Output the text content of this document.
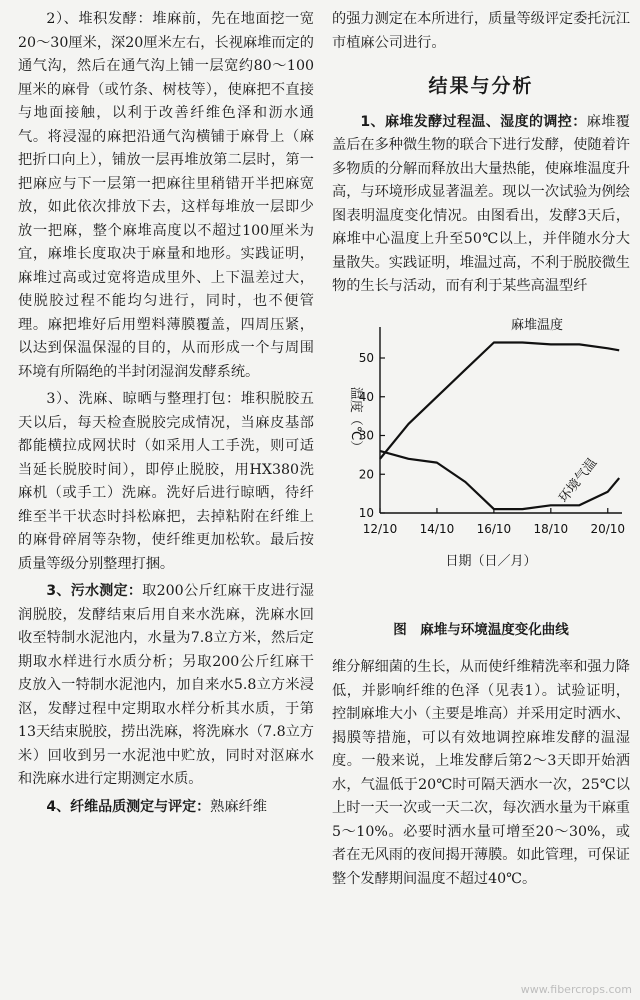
2）、堆积发酵：堆麻前，先在地面挖一宽20～30厘米，深20厘米左右，长视麻堆而定的通气沟，然后在通气沟上铺一层宽约80～100厘米的麻骨（或竹条、树枝等），使麻把不直接与地面接触，以利于改善纤维色泽和沥水通气。将浸湿的麻把沿通气沟横铺于麻骨上（麻把折口向上），铺放一层再堆放第二层时，第一把麻应与下一层第一把麻往里稍错开半把麻宽放，如此依次排放下去，这样每堆放一层即少放一把麻，整个麻堆高度以不超过100厘米为宜，麻堆长度取决于麻量和地形。实践证明，麻堆过高或过宽将造成里外、上下温差过大，使脱胶过程不能均匀进行，同时，也不便管理。麻把堆好后用塑料薄膜覆盖，四周压紧，以达到保温保湿的目的，从而形成一个与周围环境有所隔绝的半封闭湿润发酵系统。

3）、洗麻、晾晒与整理打包：堆积脱胶五天以后，每天检查脱胶完成情况，当麻皮基部都能横拉成网状时（如采用人工手洗，则可适当延长脱胶时间），即停止脱胶，用HX380洗麻机（或手工）洗麻。洗好后进行晾晒，待纤维至半干状态时抖松麻把，去掉粘附在纤维上的麻骨碎屑等杂物，使纤维更加松软。最后按质量等级分别整理打捆。

3、污水测定：取200公斤红麻干皮进行湿润脱胶，发酵结束后用自来水洗麻，洗麻水回收至特制水泥池内，水量为7.8立方米，然后定期取水样进行水质分析；另取200公斤红麻干皮放入一特制水泥池内，加自来水5.8立方米浸沤，发酵过程中定期取水样分析其水质，于第13天结束脱胶，捞出洗麻，将洗麻水（7.8立方米）回收到另一水泥池中贮放，同时对沤麻水和洗麻水进行定期测定水质。

4、纤维品质测定与评定：熟麻纤维

的强力测定在本所进行，质量等级评定委托沅江市植麻公司进行。

结果与分析

1、麻堆发酵过程温、湿度的调控：麻堆覆盖后在多种微生物的联合下进行发酵，使随着许多物质的分解而释放出大量热能，使麻堆温度升高，与环境形成显著温差。现以一次试验为例绘图表明温度变化情况。由图看出，发酵3天后，麻堆中心温度上升至50℃以上，并伴随水分大量散失。实践证明，堆温过高，不利于脱胶微生物的生长与活动，而有利于某些高温型纤

10
20
30
40
50
12/10 14/10 16/10 18/10 20/10
温度（℃）
日期（日／月）
麻堆温度
环境气温
图　麻堆与环境温度变化曲线

维分解细菌的生长，从而使纤维精洗率和强力降低，并影响纤维的色泽（见表1）。试验证明，控制麻堆大小（主要是堆高）并采用定时洒水、揭膜等措施，可以有效地调控麻堆发酵的温湿度。一般来说，上堆发酵后第2～3天即开始洒水，气温低于20℃时可隔天洒水一次，25℃以上时一天一次或一天二次，每次洒水量为干麻重5～10%。必要时洒水量可增至20～30%，或者在无风雨的夜间揭开薄膜。如此管理，可保证整个发酵期间温度不超过40℃。

www.fibercrops.com
